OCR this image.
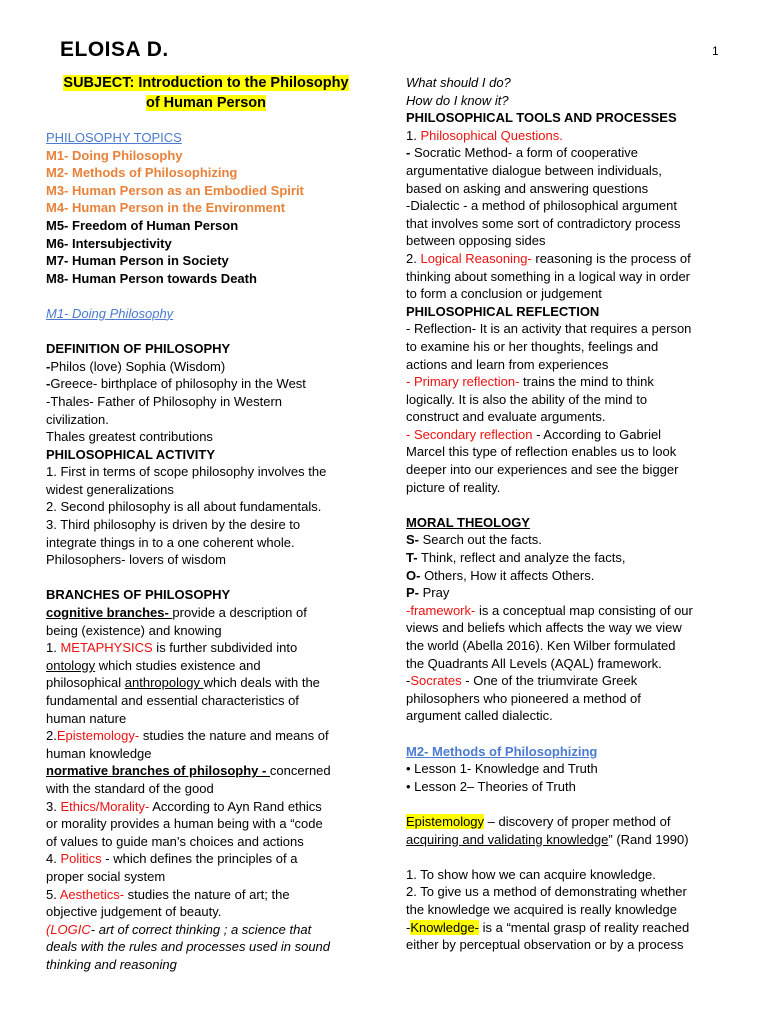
ELOISA D.	1
SUBJECT: Introduction to the Philosophy
of Human Person
PHILOSOPHY TOPICS
M1- Doing Philosophy
M2- Methods of Philosophizing
M3- Human Person as an Embodied Spirit
M4- Human Person in the Environment
M5- Freedom of Human Person
M6- Intersubjectivity
M7- Human Person in Society
M8- Human Person towards Death
M1- Doing Philosophy
DEFINITION OF PHILOSOPHY
-Philos (love) Sophia (Wisdom)
-Greece- birthplace of philosophy in the West
-Thales- Father of Philosophy in Western
civilization.
Thales greatest contributions
PHILOSOPHICAL ACTIVITY
1. First in terms of scope philosophy involves the
widest generalizations
2. Second philosophy is all about fundamentals.
3. Third philosophy is driven by the desire to
integrate things in to a one coherent whole.
Philosophers- lovers of wisdom
BRANCHES OF PHILOSOPHY
cognitive branches- provide a description of
being (existence) and knowing
1. METAPHYSICS is further subdivided into
ontology which studies existence and
philosophical anthropology which deals with the
fundamental and essential characteristics of
human nature
2.Epistemology- studies the nature and means of
human knowledge
normative branches of philosophy - concerned
with the standard of the good
3. Ethics/Morality- According to Ayn Rand ethics
or morality provides a human being with a “code
of values to guide man’s choices and actions
4. Politics - which defines the principles of a
proper social system
5. Aesthetics- studies the nature of art; the
objective judgement of beauty.
(LOGIC- art of correct thinking ; a science that
deals with the rules and processes used in sound
thinking and reasoning
What should I do?
How do I know it?
PHILOSOPHICAL TOOLS AND PROCESSES
1. Philosophical Questions.
- Socratic Method- a form of cooperative
argumentative dialogue between individuals,
based on asking and answering questions
-Dialectic - a method of philosophical argument
that involves some sort of contradictory process
between opposing sides
2. Logical Reasoning- reasoning is the process of
thinking about something in a logical way in order
to form a conclusion or judgement
PHILOSOPHICAL REFLECTION
- Reflection- It is an activity that requires a person
to examine his or her thoughts, feelings and
actions and learn from experiences
- Primary reflection- trains the mind to think
logically. It is also the ability of the mind to
construct and evaluate arguments.
- Secondary reflection - According to Gabriel
Marcel this type of reflection enables us to look
deeper into our experiences and see the bigger
picture of reality.
MORAL THEOLOGY
S- Search out the facts.
T- Think, reflect and analyze the facts,
O- Others, How it affects Others.
P- Pray
-framework- is a conceptual map consisting of our
views and beliefs which affects the way we view
the world (Abella 2016). Ken Wilber formulated
the Quadrants All Levels (AQAL) framework.
-Socrates - One of the triumvirate Greek
philosophers who pioneered a method of
argument called dialectic.
M2- Methods of Philosophizing
• Lesson 1- Knowledge and Truth
• Lesson 2– Theories of Truth
Epistemology – discovery of proper method of
acquiring and validating knowledge” (Rand 1990)
1. To show how we can acquire knowledge.
2. To give us a method of demonstrating whether
the knowledge we acquired is really knowledge
-Knowledge- is a “mental grasp of reality reached
either by perceptual observation or by a process
